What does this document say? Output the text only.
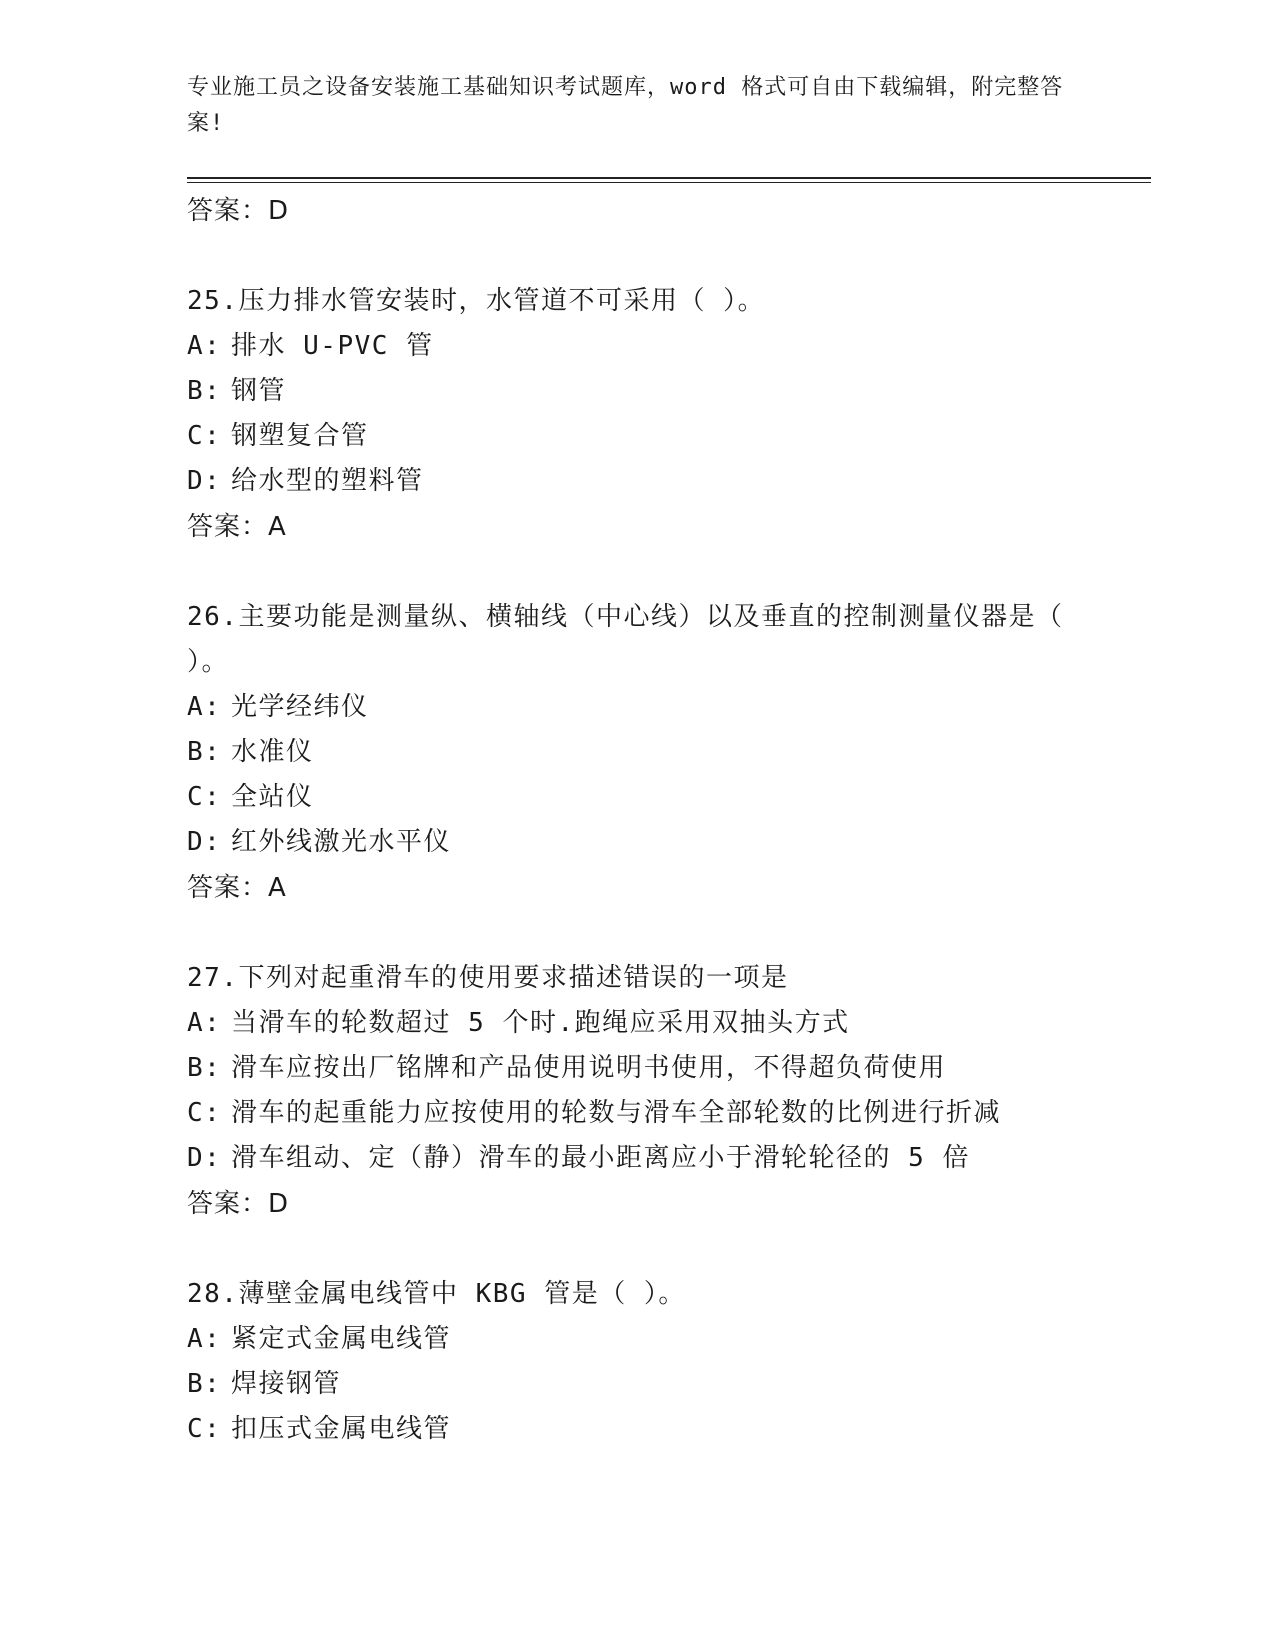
专业施工员之设备安装施工基础知识考试题库，word 格式可自由下载编辑，附完整答案!
答案：D
25.压力排水管安装时，水管道不可采用（ ）。
A: 排水 U-PVC 管
B: 钢管
C: 钢塑复合管
D: 给水型的塑料管
答案：A
26.主要功能是测量纵、横轴线（中心线）以及垂直的控制测量仪器是（ ）。
A: 光学经纬仪
B: 水准仪
C: 全站仪
D: 红外线激光水平仪
答案：A
27.下列对起重滑车的使用要求描述错误的一项是
A: 当滑车的轮数超过 5 个时.跑绳应采用双抽头方式
B: 滑车应按出厂铭牌和产品使用说明书使用，不得超负荷使用
C: 滑车的起重能力应按使用的轮数与滑车全部轮数的比例进行折减
D: 滑车组动、定（静）滑车的最小距离应小于滑轮轮径的 5 倍
答案：D
28.薄壁金属电线管中 KBG 管是（ ）。
A: 紧定式金属电线管
B: 焊接钢管
C: 扣压式金属电线管
